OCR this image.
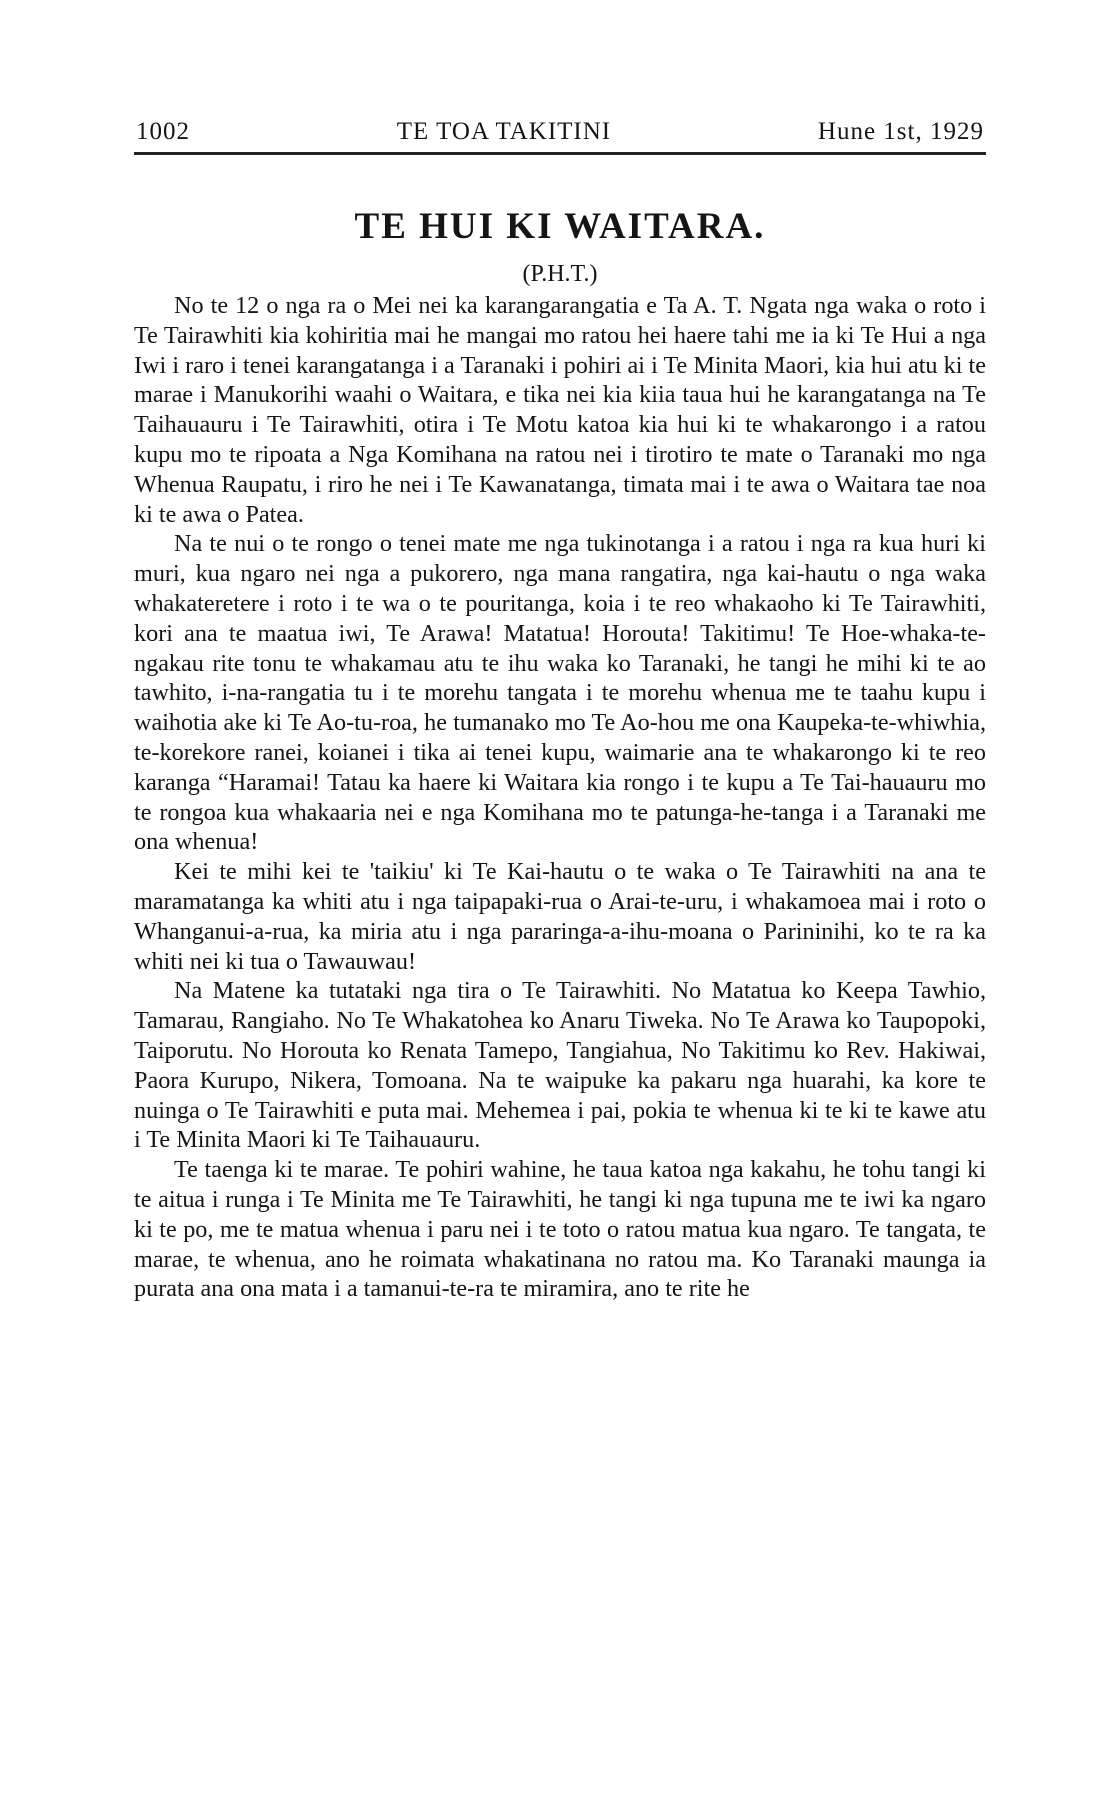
1002	TE TOA TAKITINI	Hune 1st, 1929
TE HUI KI WAITARA.
(P.H.T.)

No te 12 o nga ra o Mei nei ka karangarangatia e Ta A. T. Ngata nga waka o roto i Te Tairawhiti kia kohiritia mai he mangai mo ratou hei haere tahi me ia ki Te Hui a nga Iwi i raro i tenei karangatanga i a Taranaki i pohiri ai i Te Minita Maori, kia hui atu ki te marae i Manukorihi waahi o Waitara, e tika nei kia kiia taua hui he karangatanga na Te Taihauauru i Te Tairawhiti, otira i Te Motu katoa kia hui ki te whakarongo i a ratou kupu mo te ripoata a Nga Komihana na ratou nei i tirotiro te mate o Taranaki mo nga Whenua Raupatu, i riro he nei i Te Kawanatanga, timata mai i te awa o Waitara tae noa ki te awa o Patea.

Na te nui o te rongo o tenei mate me nga tukinotanga i a ratou i nga ra kua huri ki muri, kua ngaro nei nga a pukorero, nga mana rangatira, nga kai-hautu o nga waka whakateretere i roto i te wa o te pouritanga, koia i te reo whakaoho ki Te Tairawhiti, kori ana te maatua iwi, Te Arawa! Matatua! Horouta! Takitimu! Te Hoe-whaka-te-ngakau rite tonu te whakamau atu te ihu waka ko Taranaki, he tangi he mihi ki te ao tawhito, i-na-rangatia tu i te morehu tangata i te morehu whenua me te taahu kupu i waihotia ake ki Te Ao-tu-roa, he tumanako mo Te Ao-hou me ona Kaupeka-te-whiwhia, te-korekore ranei, koianei i tika ai tenei kupu, waimarie ana te whakarongo ki te reo karanga “Haramai! Tatau ka haere ki Waitara kia rongo i te kupu a Te Tai-hauauru mo te rongoa kua whakaaria nei e nga Komihana mo te patunga-he-tanga i a Taranaki me ona whenua!

Kei te mihi kei te 'taikiu' ki Te Kai-hautu o te waka o Te Tairawhiti na ana te maramatanga ka whiti atu i nga taipapaki-rua o Arai-te-uru, i whakamoea mai i roto o Whanganui-a-rua, ka miria atu i nga pararinga-a-ihu-moana o Parininihi, ko te ra ka whiti nei ki tua o Tawauwau!

Na Matene ka tutataki nga tira o Te Tairawhiti. No Matatua ko Keepa Tawhio, Tamarau, Rangiaho. No Te Whakatohea ko Anaru Tiweka. No Te Arawa ko Taupopoki, Taiporutu. No Horouta ko Renata Tamepo, Tangiahua, No Takitimu ko Rev. Hakiwai, Paora Kurupo, Nikera, Tomoana. Na te waipuke ka pakaru nga huarahi, ka kore te nuinga o Te Tairawhiti e puta mai. Mehemea i pai, pokia te whenua ki te ki te kawe atu i Te Minita Maori ki Te Taihauauru.

Te taenga ki te marae. Te pohiri wahine, he taua katoa nga kakahu, he tohu tangi ki te aitua i runga i Te Minita me Te Tairawhiti, he tangi ki nga tupuna me te iwi ka ngaro ki te po, me te matua whenua i paru nei i te toto o ratou matua kua ngaro. Te tangata, te marae, te whenua, ano he roimata whakatinana no ratou ma. Ko Taranaki maunga ia purata ana ona mata i a tamanui-te-ra te miramira, ano te rite he
